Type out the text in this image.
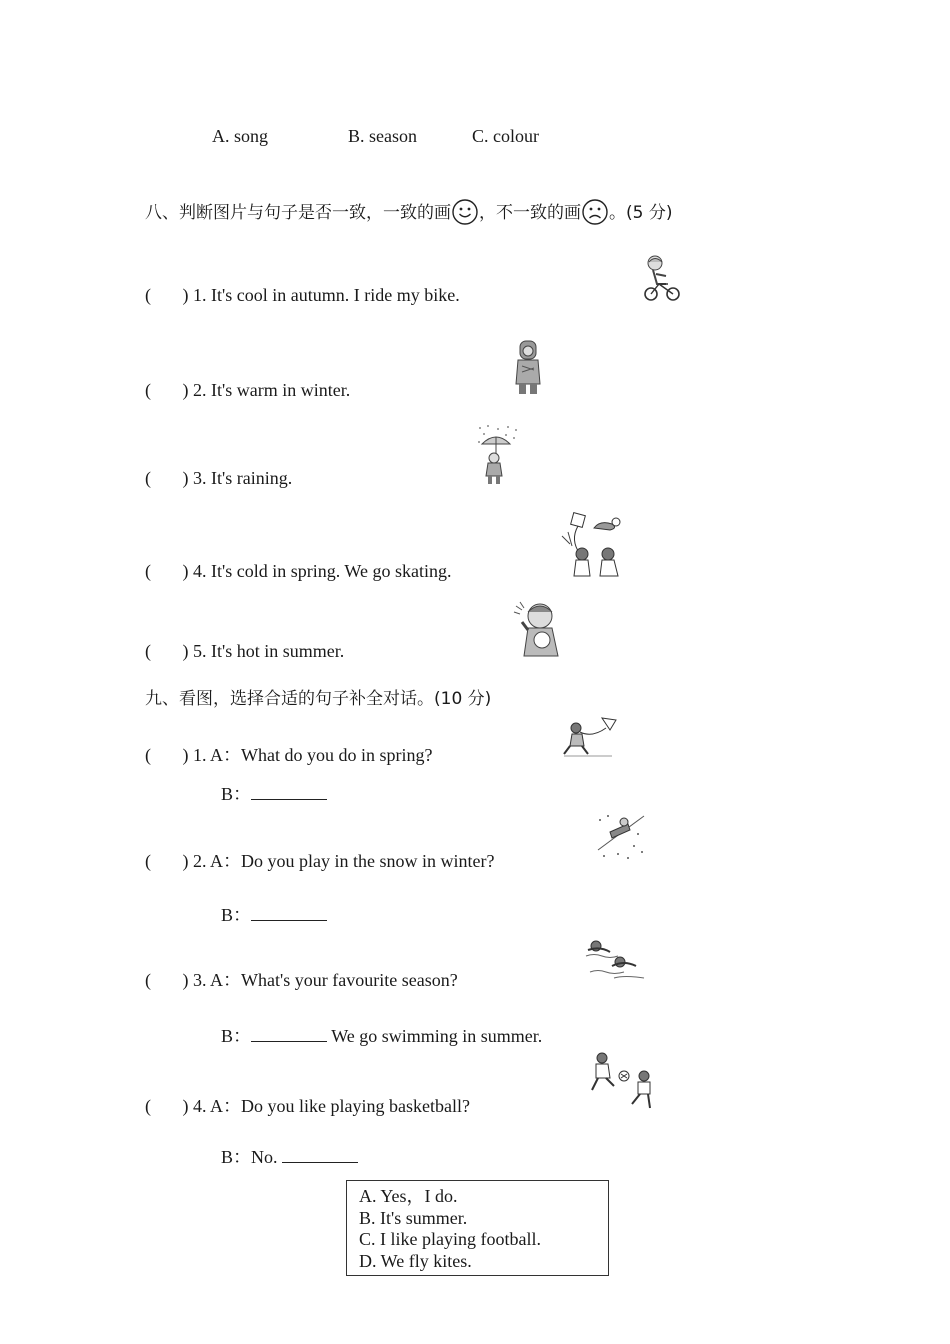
A. song	B. season	C. colour
八、判断图片与句子是否一致，一致的画 ，不一致的画 。(5 分)
(       ) 1. It's cool in autumn. I ride my bike.
(       ) 2. It's warm in winter.
(       ) 3. It's raining.
(       ) 4. It's cold in spring. We go skating.
(       ) 5. It's hot in summer.
九、看图，选择合适的句子补全对话。(10 分)
(       ) 1. A：What do you do in spring?
B：
(       ) 2. A：Do you play in the snow in winter?
B：
(       ) 3. A：What's your favourite season?
B：	We go swimming in summer.
(       ) 4. A：Do you like playing basketball?
B：No.
A. Yes，I do.
B. It's summer.
C. I like playing football.
D. We fly kites.
